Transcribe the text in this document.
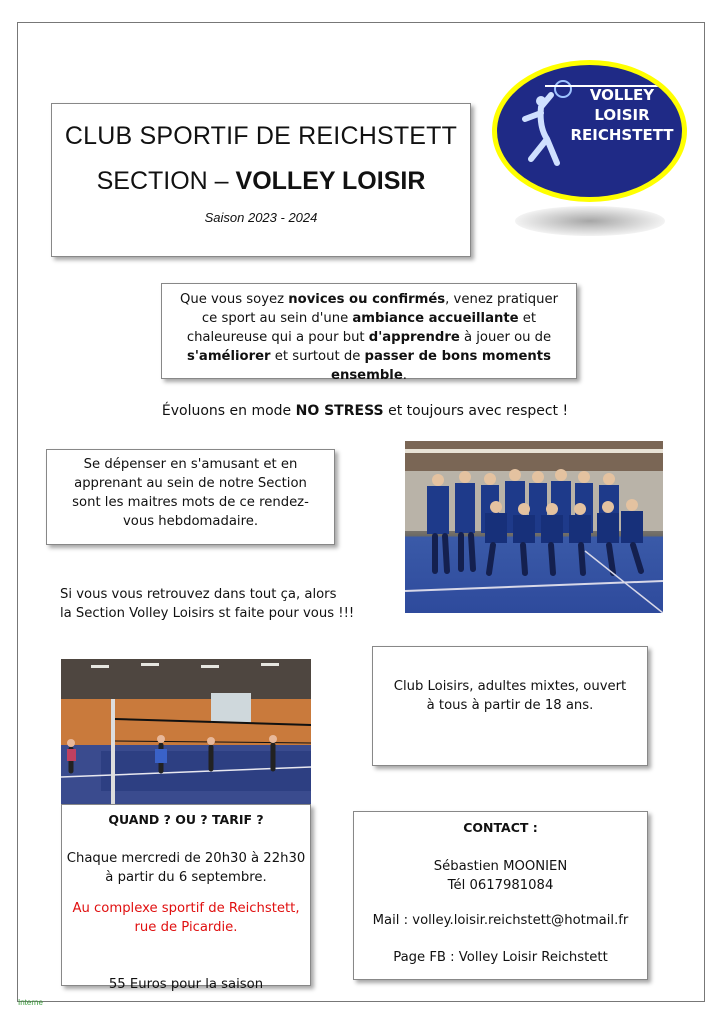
CLUB SPORTIF DE REICHSTETT
SECTION – VOLLEY LOISIR
Saison 2023 - 2024
VOLLEY
LOISIR
REICHSTETT
Que vous soyez novices ou confirmés, venez pratiquer ce sport au sein d'une ambiance accueillante et chaleureuse qui a pour but d'apprendre à jouer ou de s'améliorer et surtout de passer de bons moments ensemble.
Évoluons en mode NO STRESS et toujours avec respect !
Se dépenser en s'amusant et en apprenant au sein de notre Section sont les maitres mots de ce rendez-vous hebdomadaire.
Si vous vous retrouvez dans tout ça, alors
la Section Volley Loisirs st faite pour vous !!!
Club Loisirs, adultes mixtes, ouvert à tous à partir de 18 ans.
QUAND ? OU ? TARIF ?
Chaque mercredi de 20h30 à 22h30
à partir du 6 septembre.
Au complexe sportif de Reichstett,
rue de Picardie.
55 Euros pour la saison
CONTACT :
Sébastien MOONIEN
Tél 0617981084
Mail : volley.loisir.reichstett@hotmail.fr
Page FB : Volley Loisir Reichstett
Interne
